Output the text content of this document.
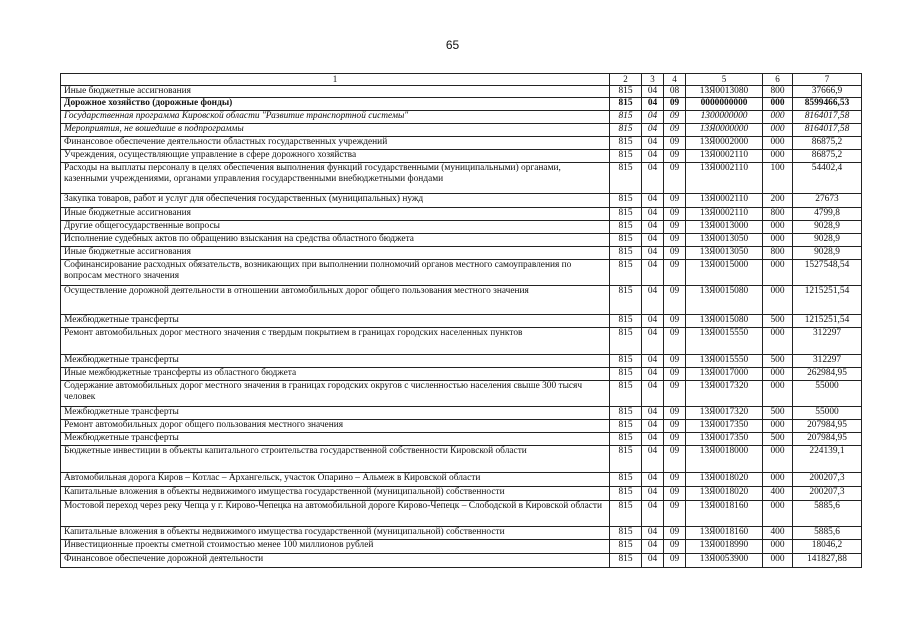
65
1	2	3	4	5	6	7
Иные бюджетные ассигнования	815	04	08	13Я0013080	800	37666,9
Дорожное хозяйство (дорожные фонды)	815	04	09	0000000000	000	8599466,53
Государственная программа Кировской области "Развитие транспортной системы"	815	04	09	1300000000	000	8164017,58
Мероприятия, не вошедшие в подпрограммы	815	04	09	13Я0000000	000	8164017,58
Финансовое обеспечение деятельности областных государственных учреждений	815	04	09	13Я0002000	000	86875,2
Учреждения, осуществляющие управление в сфере дорожного хозяйства	815	04	09	13Я0002110	000	86875,2
Расходы на выплаты персоналу в целях обеспечения выполнения функций государственными (муниципальными) органами, казенными учреждениями, органами управления государственными внебюджетными фондами	815	04	09	13Я0002110	100	54402,4
Закупка товаров, работ и услуг для обеспечения государственных (муниципальных) нужд	815	04	09	13Я0002110	200	27673
Иные бюджетные ассигнования	815	04	09	13Я0002110	800	4799,8
Другие общегосударственные вопросы	815	04	09	13Я0013000	000	9028,9
Исполнение судебных актов по обращению взыскания на средства областного бюджета	815	04	09	13Я0013050	000	9028,9
Иные бюджетные ассигнования	815	04	09	13Я0013050	800	9028,9
Софинансирование расходных обязательств, возникающих при выполнении полномочий органов местного самоуправления по вопросам местного значения	815	04	09	13Я0015000	000	1527548,54
Осуществление дорожной деятельности в отношении автомобильных дорог общего пользования местного значения	815	04	09	13Я0015080	000	1215251,54
Межбюджетные трансферты	815	04	09	13Я0015080	500	1215251,54
Ремонт автомобильных дорог местного значения с твердым покрытием в границах городских населенных пунктов	815	04	09	13Я0015550	000	312297
Межбюджетные трансферты	815	04	09	13Я0015550	500	312297
Иные межбюджетные трансферты из областного бюджета	815	04	09	13Я0017000	000	262984,95
Содержание автомобильных дорог местного значения в границах городских округов с численностью населения свыше 300 тысяч человек	815	04	09	13Я0017320	000	55000
Межбюджетные трансферты	815	04	09	13Я0017320	500	55000
Ремонт автомобильных дорог общего пользования местного значения	815	04	09	13Я0017350	000	207984,95
Межбюджетные трансферты	815	04	09	13Я0017350	500	207984,95
Бюджетные инвестиции в объекты капитального строительства государственной собственности Кировской области	815	04	09	13Я0018000	000	224139,1
Автомобильная дорога Киров – Котлас – Архангельск, участок Опарино – Альмеж в Кировской области	815	04	09	13Я0018020	000	200207,3
Капитальные вложения в объекты недвижимого имущества государственной (муниципальной) собственности	815	04	09	13Я0018020	400	200207,3
Мостовой переход через реку Чепца у г. Кирово-Чепецка на автомобильной дороге Кирово-Чепецк – Слободской в Кировской области	815	04	09	13Я0018160	000	5885,6
Капитальные вложения в объекты недвижимого имущества государственной (муниципальной) собственности	815	04	09	13Я0018160	400	5885,6
Инвестиционные проекты сметной стоимостью менее 100 миллионов рублей	815	04	09	13Я0018990	000	18046,2
Финансовое обеспечение дорожной деятельности	815	04	09	13Я0053900	000	141827,88
